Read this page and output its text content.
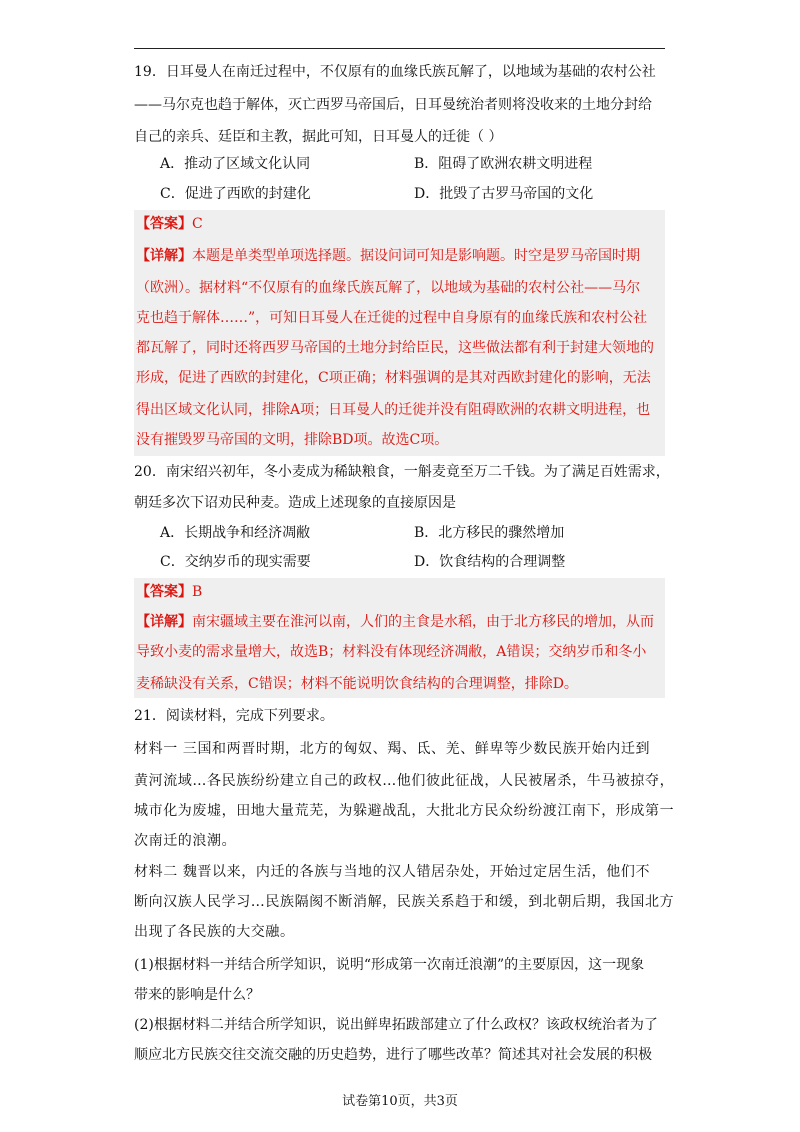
19．日耳曼人在南迁过程中，不仅原有的血缘氏族瓦解了，以地域为基础的农村公社
——马尔克也趋于解体，灭亡西罗马帝国后，日耳曼统治者则将没收来的土地分封给
自己的亲兵、廷臣和主教，据此可知，日耳曼人的迁徙（ ）
A．推动了区域文化认同	B．阻碍了欧洲农耕文明进程
C．促进了西欧的封建化	D．批毁了古罗马帝国的文化
【答案】C
【详解】本题是单类型单项选择题。据设问词可知是影响题。时空是罗马帝国时期
（欧洲）。据材料“不仅原有的血缘氏族瓦解了，以地域为基础的农村公社——马尔
克也趋于解体……”，可知日耳曼人在迁徙的过程中自身原有的血缘氏族和农村公社
都瓦解了，同时还将西罗马帝国的土地分封给臣民，这些做法都有利于封建大领地的
形成，促进了西欧的封建化，C项正确；材料强调的是其对西欧封建化的影响，无法
得出区域文化认同，排除A项；日耳曼人的迁徙并没有阻碍欧洲的农耕文明进程，也
没有摧毁罗马帝国的文明，排除BD项。故选C项。
20．南宋绍兴初年，冬小麦成为稀缺粮食，一斛麦竟至万二千钱。为了满足百姓需求，
朝廷多次下诏劝民种麦。造成上述现象的直接原因是
A．长期战争和经济凋敝	B．北方移民的骤然增加
C．交纳岁币的现实需要	D．饮食结构的合理调整
【答案】B
【详解】南宋疆域主要在淮河以南，人们的主食是水稻，由于北方移民的增加，从而
导致小麦的需求量增大，故选B；材料没有体现经济凋敝，A错误；交纳岁币和冬小
麦稀缺没有关系，C错误；材料不能说明饮食结构的合理调整，排除D。
21．阅读材料，完成下列要求。
材料一 三国和两晋时期，北方的匈奴、羯、氐、羌、鲜卑等少数民族开始内迁到
黄河流域…各民族纷纷建立自己的政权…他们彼此征战，人民被屠杀，牛马被掠夺，
城市化为废墟，田地大量荒芜，为躲避战乱，大批北方民众纷纷渡江南下，形成第一
次南迁的浪潮。
材料二 魏晋以来，内迁的各族与当地的汉人错居杂处，开始过定居生活，他们不
断向汉族人民学习…民族隔阂不断消解，民族关系趋于和缓，到北朝后期，我国北方
出现了各民族的大交融。
(1)根据材料一并结合所学知识，说明“形成第一次南迁浪潮”的主要原因，这一现象
带来的影响是什么？
(2)根据材料二并结合所学知识，说出鲜卑拓跋部建立了什么政权？该政权统治者为了
顺应北方民族交往交流交融的历史趋势，进行了哪些改革？简述其对社会发展的积极
试卷第10页，共3页
